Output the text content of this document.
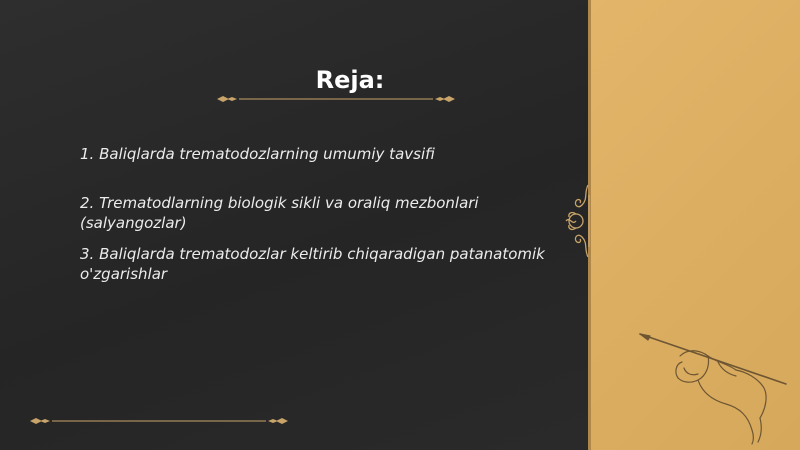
Reja:
1. Baliqlarda trematodozlarning umumiy tavsifi
2. Trematodlarning biologik sikli va oraliq mezbonlari (salyangozlar)
3. Baliqlarda trematodozlar keltirib chiqaradigan patanatomik o'zgarishlar
